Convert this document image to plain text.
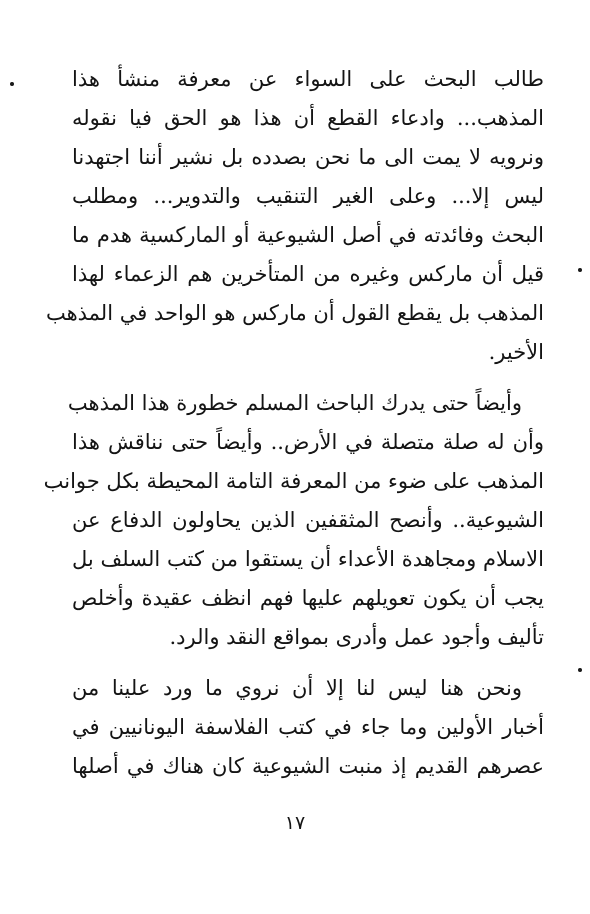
طالب البحث على السواء عن معرفة منشأ هذا
المذهب... وادعاء القطع أن هذا هو الحق فيا نقوله
ونرويه لا يمت الى ما نحن بصدده بل نشير أننا اجتهدنا
ليس إلا... وعلى الغير التنقيب والتدوير... ومطلب
البحث وفائدته في أصل الشيوعية أو الماركسية هدم ما
قيل أن ماركس وغيره من المتأخرين هم الزعماء لهذا
المذهب بل يقطع القول أن ماركس هو الواحد في المذهب
الأخير.
وأيضاً حتى يدرك الباحث المسلم خطورة هذا المذهب
وأن له صلة متصلة في الأرض.. وأيضاً حتى نناقش هذا
المذهب على ضوء من المعرفة التامة المحيطة بكل جوانب
الشيوعية.. وأنصح المثقفين الذين يحاولون الدفاع عن
الاسلام ومجاهدة الأعداء أن يستقوا من كتب السلف بل
يجب أن يكون تعويلهم عليها فهم انظف عقيدة وأخلص
تأليف وأجود عمل وأدرى بمواقع النقد والرد.
ونحن هنا ليس لنا إلا أن نروي ما ورد علينا من
أخبار الأولين وما جاء في كتب الفلاسفة اليونانيين في
عصرهم القديم إذ منبت الشيوعية كان هناك في أصلها
١٧
